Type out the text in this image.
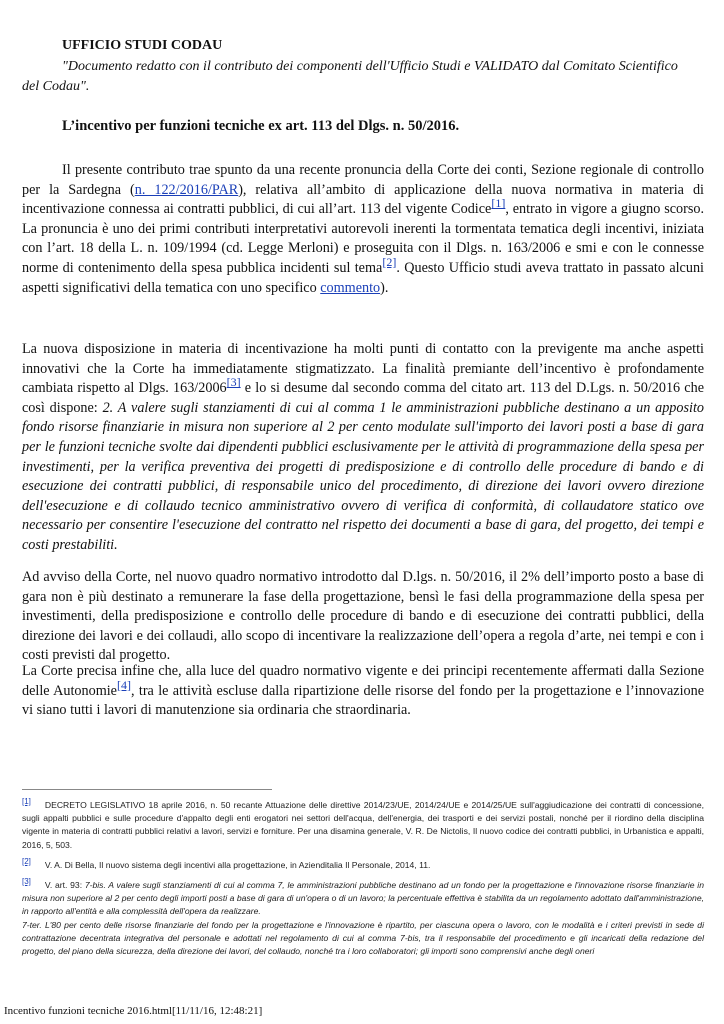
UFFICIO STUDI CODAU
"Documento redatto con il contributo dei componenti dell'Ufficio Studi e VALIDATO dal Comitato Scientifico del Codau".
L’incentivo per funzioni tecniche ex art. 113 del Dlgs. n. 50/2016.
Il presente contributo trae spunto da una recente pronuncia della Corte dei conti, Sezione regionale di controllo per la Sardegna (n. 122/2016/PAR), relativa all’ambito di applicazione della nuova normativa in materia di incentivazione connessa ai contratti pubblici, di cui all’art. 113 del vigente Codice[1], entrato in vigore a giugno scorso. La pronuncia è uno dei primi contributi interpretativi autorevoli inerenti la tormentata tematica degli incentivi, iniziata con l’art. 18 della L. n. 109/1994 (cd. Legge Merloni) e proseguita con il Dlgs. n. 163/2006 e smi e con le connesse norme di contenimento della spesa pubblica incidenti sul tema[2]. Questo Ufficio studi aveva trattato in passato alcuni aspetti significativi della tematica con uno specifico commento).
La nuova disposizione in materia di incentivazione ha molti punti di contatto con la previgente ma anche aspetti innovativi che la Corte ha immediatamente stigmatizzato. La finalità premiante dell’incentivo è profondamente cambiata rispetto al Dlgs. 163/2006[3] e lo si desume dal secondo comma del citato art. 113 del D.Lgs. n. 50/2016 che così dispone: 2. A valere sugli stanziamenti di cui al comma 1 le amministrazioni pubbliche destinano a un apposito fondo risorse finanziarie in misura non superiore al 2 per cento modulate sull'importo dei lavori posti a base di gara per le funzioni tecniche svolte dai dipendenti pubblici esclusivamente per le attività di programmazione della spesa per investimenti, per la verifica preventiva dei progetti di predisposizione e di controllo delle procedure di bando e di esecuzione dei contratti pubblici, di responsabile unico del procedimento, di direzione dei lavori ovvero direzione dell'esecuzione e di collaudo tecnico amministrativo ovvero di verifica di conformità, di collaudatore statico ove necessario per consentire l'esecuzione del contratto nel rispetto dei documenti a base di gara, del progetto, dei tempi e costi prestabiliti.
Ad avviso della Corte, nel nuovo quadro normativo introdotto dal D.lgs. n. 50/2016, il 2% dell’importo posto a base di gara non è più destinato a remunerare la fase della progettazione, bensì le fasi della programmazione della spesa per investimenti, della predisposizione e controllo delle procedure di bando e di esecuzione dei contratti pubblici, della direzione dei lavori e dei collaudi, allo scopo di incentivare la realizzazione dell’opera a regola d’arte, nei tempi e con i costi previsti dal progetto.
La Corte precisa infine che, alla luce del quadro normativo vigente e dei principi recentemente affermati dalla Sezione delle Autonomie[4], tra le attività escluse dalla ripartizione delle risorse del fondo per la progettazione e l’innovazione vi siano tutti i lavori di manutenzione sia ordinaria che straordinaria.
[1] DECRETO LEGISLATIVO 18 aprile 2016, n. 50 recante Attuazione delle direttive 2014/23/UE, 2014/24/UE e 2014/25/UE sull'aggiudicazione dei contratti di concessione, sugli appalti pubblici e sulle procedure d'appalto degli enti erogatori nei settori dell'acqua, dell'energia, dei trasporti e dei servizi postali, nonché per il riordino della disciplina vigente in materia di contratti pubblici relativi a lavori, servizi e forniture. Per una disamina generale, V. R. De Nictolis, Il nuovo codice dei contratti pubblici, in Urbanistica e appalti, 2016, 5, 503.
[2] V. A. Di Bella, Il nuovo sistema degli incentivi alla progettazione, in Azienditalia Il Personale, 2014, 11.
[3] V. art. 93: 7-bis. A valere sugli stanziamenti di cui al comma 7, le amministrazioni pubbliche destinano ad un fondo per la progettazione e l'innovazione risorse finanziarie in misura non superiore al 2 per cento degli importi posti a base di gara di un'opera o di un lavoro; la percentuale effettiva è stabilita da un regolamento adottato dall'amministrazione, in rapporto all'entità e alla complessità dell'opera da realizzare.
7-ter. L'80 per cento delle risorse finanziarie del fondo per la progettazione e l'innovazione è ripartito, per ciascuna opera o lavoro, con le modalità e i criteri previsti in sede di contrattazione decentrata integrativa del personale e adottati nel regolamento di cui al comma 7-bis, tra il responsabile del procedimento e gli incaricati della redazione del progetto, del piano della sicurezza, della direzione dei lavori, del collaudo, nonché tra i loro collaboratori; gli importi sono comprensivi anche degli oneri
Incentivo funzioni tecniche 2016.html[11/11/16, 12:48:21]
